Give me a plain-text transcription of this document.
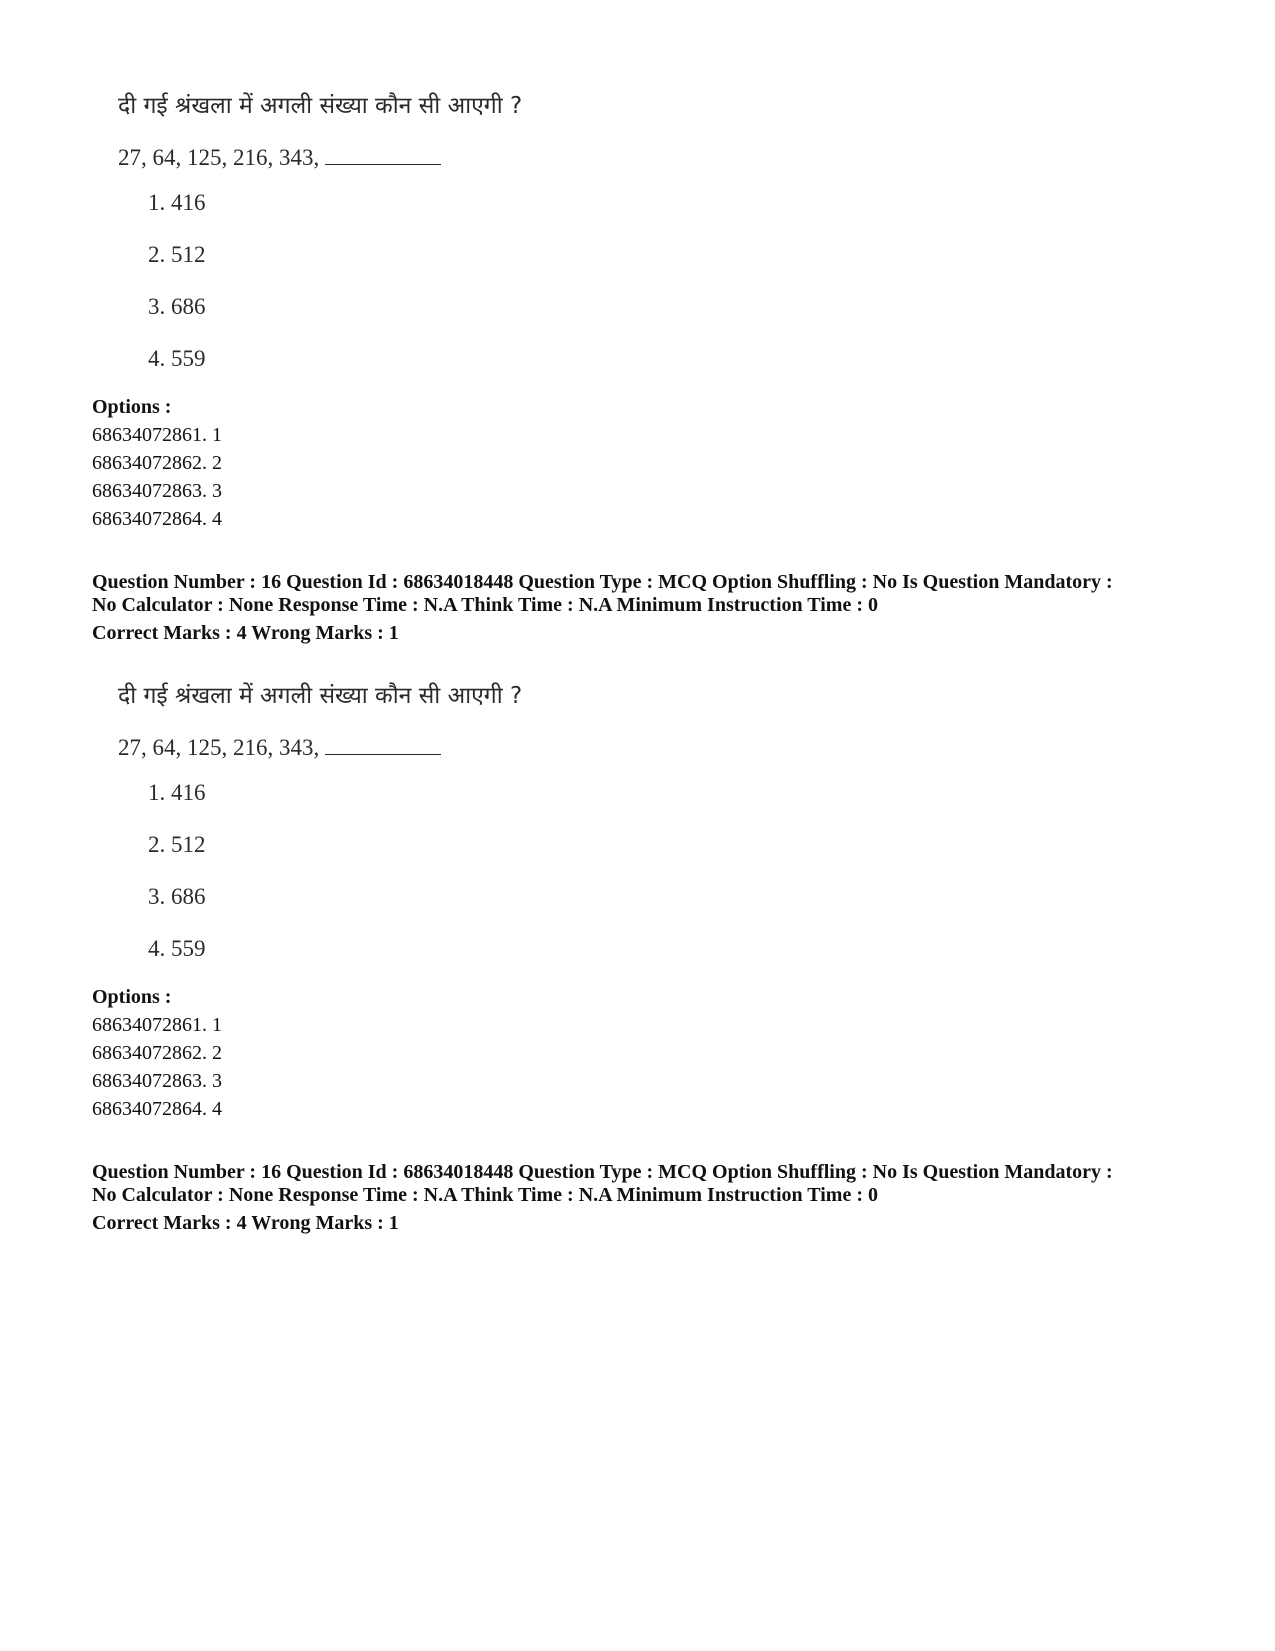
दी गई श्रंखला में अगली संख्या कौन सी आएगी ?
27, 64, 125, 216, 343,
1. 416
2. 512
3. 686
4. 559
Options :
68634072861. 1
68634072862. 2
68634072863. 3
68634072864. 4
Question Number : 16 Question Id : 68634018448 Question Type : MCQ Option Shuffling : No Is Question Mandatory :
No Calculator : None Response Time : N.A Think Time : N.A Minimum Instruction Time : 0
Correct Marks : 4 Wrong Marks : 1
दी गई श्रंखला में अगली संख्या कौन सी आएगी ?
27, 64, 125, 216, 343,
1. 416
2. 512
3. 686
4. 559
Options :
68634072861. 1
68634072862. 2
68634072863. 3
68634072864. 4
Question Number : 16 Question Id : 68634018448 Question Type : MCQ Option Shuffling : No Is Question Mandatory :
No Calculator : None Response Time : N.A Think Time : N.A Minimum Instruction Time : 0
Correct Marks : 4 Wrong Marks : 1
